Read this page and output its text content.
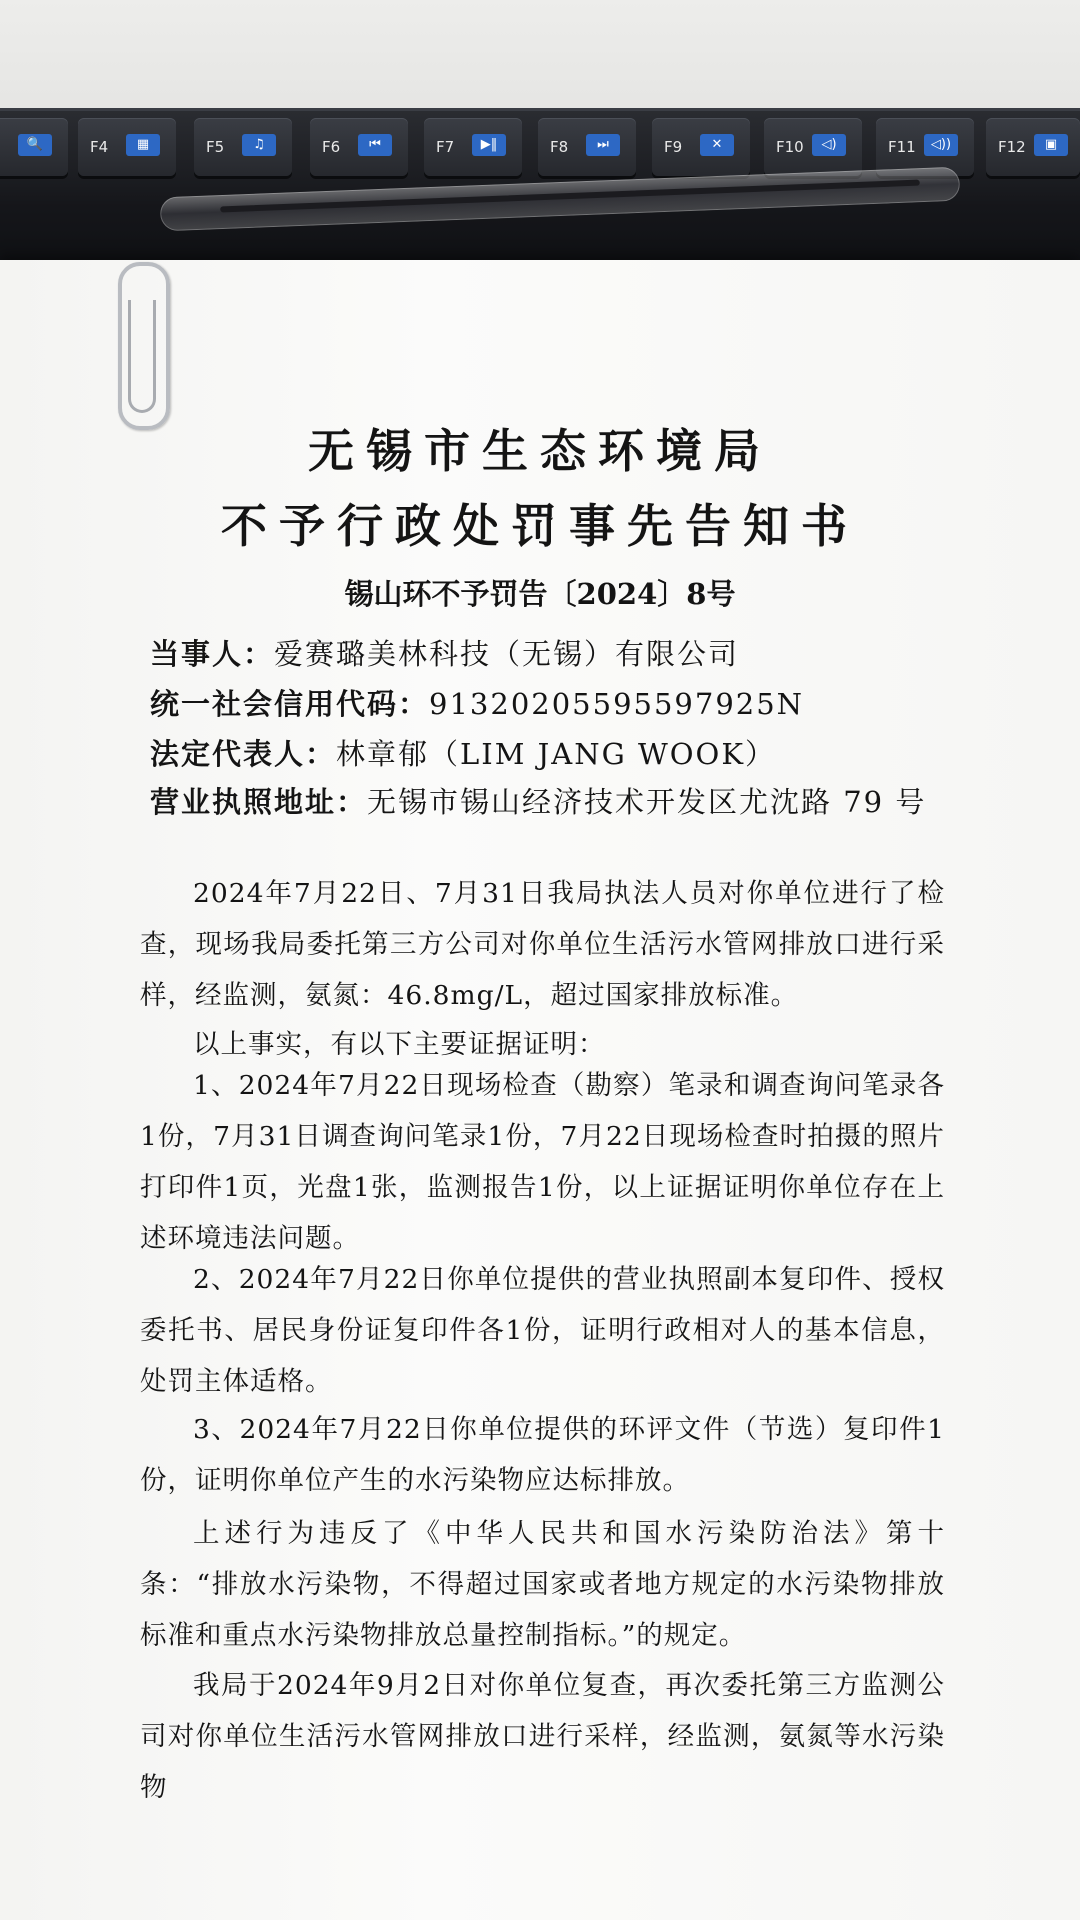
🔍	F4	▦	F5	♫	F6	⏮	F7	▶‖	F8	⏭	F9	✕	F10	◁)	F11	◁))	F12	▣
无锡市生态环境局
不予行政处罚事先告知书
锡山环不予罚告〔2024〕8号
当事人：爱赛璐美林科技（无锡）有限公司
统一社会信用代码：91320205595597925N
法定代表人：林章郁（LIM JANG WOOK）
营业执照地址：无锡市锡山经济技术开发区尤沈路 79 号
2024年7月22日、7月31日我局执法人员对你单位进行了检查，现场我局委托第三方公司对你单位生活污水管网排放口进行采样，经监测，氨氮：46.8mg/L，超过国家排放标准。
以上事实，有以下主要证据证明：
1、2024年7月22日现场检查（勘察）笔录和调查询问笔录各1份，7月31日调查询问笔录1份，7月22日现场检查时拍摄的照片打印件1页，光盘1张，监测报告1份，以上证据证明你单位存在上述环境违法问题。
2、2024年7月22日你单位提供的营业执照副本复印件、授权委托书、居民身份证复印件各1份，证明行政相对人的基本信息，处罚主体适格。
3、2024年7月22日你单位提供的环评文件（节选）复印件1份，证明你单位产生的水污染物应达标排放。
上述行为违反了《中华人民共和国水污染防治法》第十条：“排放水污染物，不得超过国家或者地方规定的水污染物排放标准和重点水污染物排放总量控制指标。”的规定。
我局于2024年9月2日对你单位复查，再次委托第三方监测公司对你单位生活污水管网排放口进行采样，经监测，氨氮等水污染物
